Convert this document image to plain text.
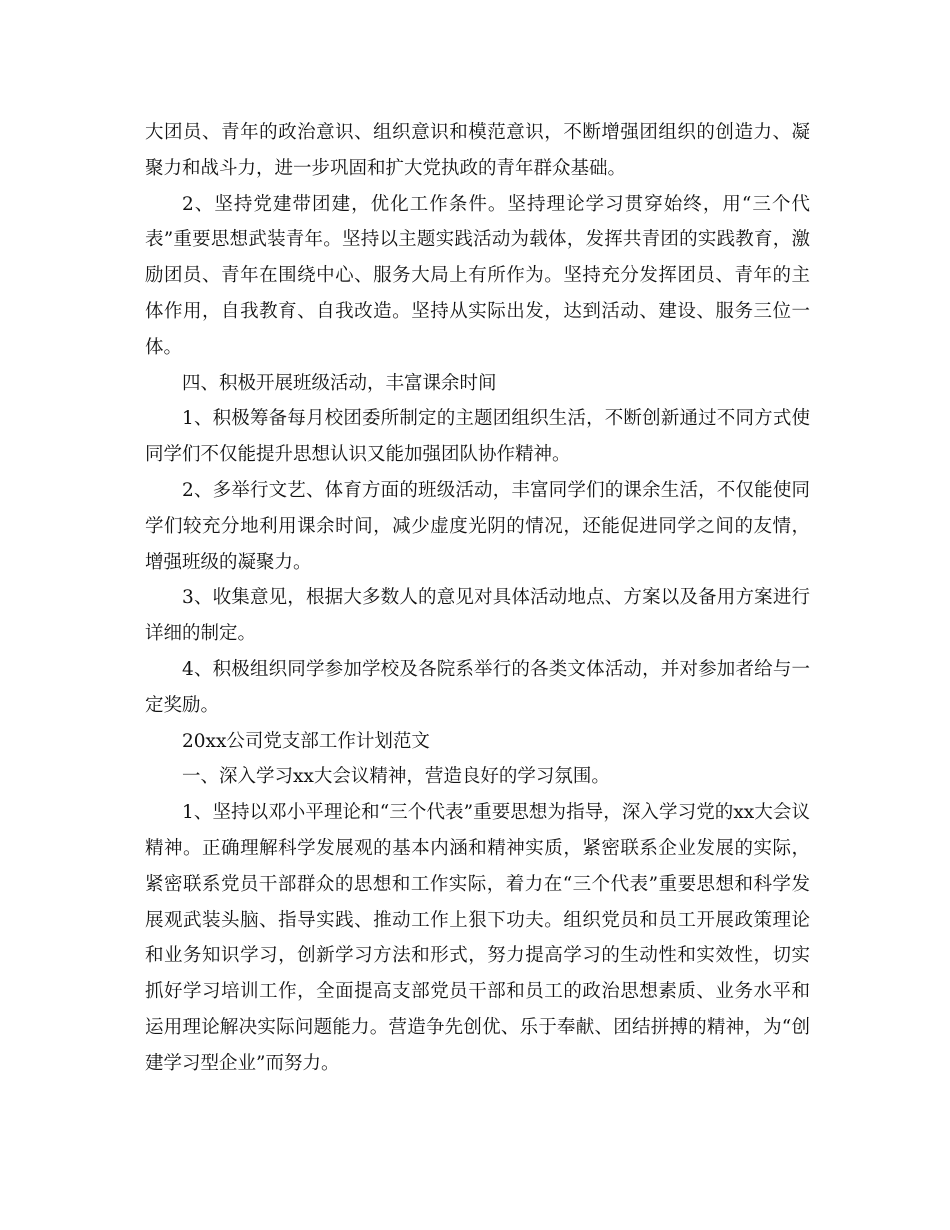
大团员、青年的政治意识、组织意识和模范意识，不断增强团组织的创造力、凝聚力和战斗力，进一步巩固和扩大党执政的青年群众基础。

2、坚持党建带团建，优化工作条件。坚持理论学习贯穿始终，用“三个代表”重要思想武装青年。坚持以主题实践活动为载体，发挥共青团的实践教育，激励团员、青年在围绕中心、服务大局上有所作为。坚持充分发挥团员、青年的主体作用，自我教育、自我改造。坚持从实际出发，达到活动、建设、服务三位一体。

四、积极开展班级活动，丰富课余时间

1、积极筹备每月校团委所制定的主题团组织生活，不断创新通过不同方式使同学们不仅能提升思想认识又能加强团队协作精神。

2、多举行文艺、体育方面的班级活动，丰富同学们的课余生活，不仅能使同学们较充分地利用课余时间，减少虚度光阴的情况，还能促进同学之间的友情，增强班级的凝聚力。

3、收集意见，根据大多数人的意见对具体活动地点、方案以及备用方案进行详细的制定。

4、积极组织同学参加学校及各院系举行的各类文体活动，并对参加者给与一定奖励。

20xx公司党支部工作计划范文

一、深入学习xx大会议精神，营造良好的学习氛围。

1、坚持以邓小平理论和“三个代表”重要思想为指导，深入学习党的xx大会议精神。正确理解科学发展观的基本内涵和精神实质，紧密联系企业发展的实际，紧密联系党员干部群众的思想和工作实际，着力在“三个代表”重要思想和科学发展观武装头脑、指导实践、推动工作上狠下功夫。组织党员和员工开展政策理论和业务知识学习，创新学习方法和形式，努力提高学习的生动性和实效性，切实抓好学习培训工作，全面提高支部党员干部和员工的政治思想素质、业务水平和运用理论解决实际问题能力。营造争先创优、乐于奉献、团结拼搏的精神，为“创建学习型企业”而努力。
